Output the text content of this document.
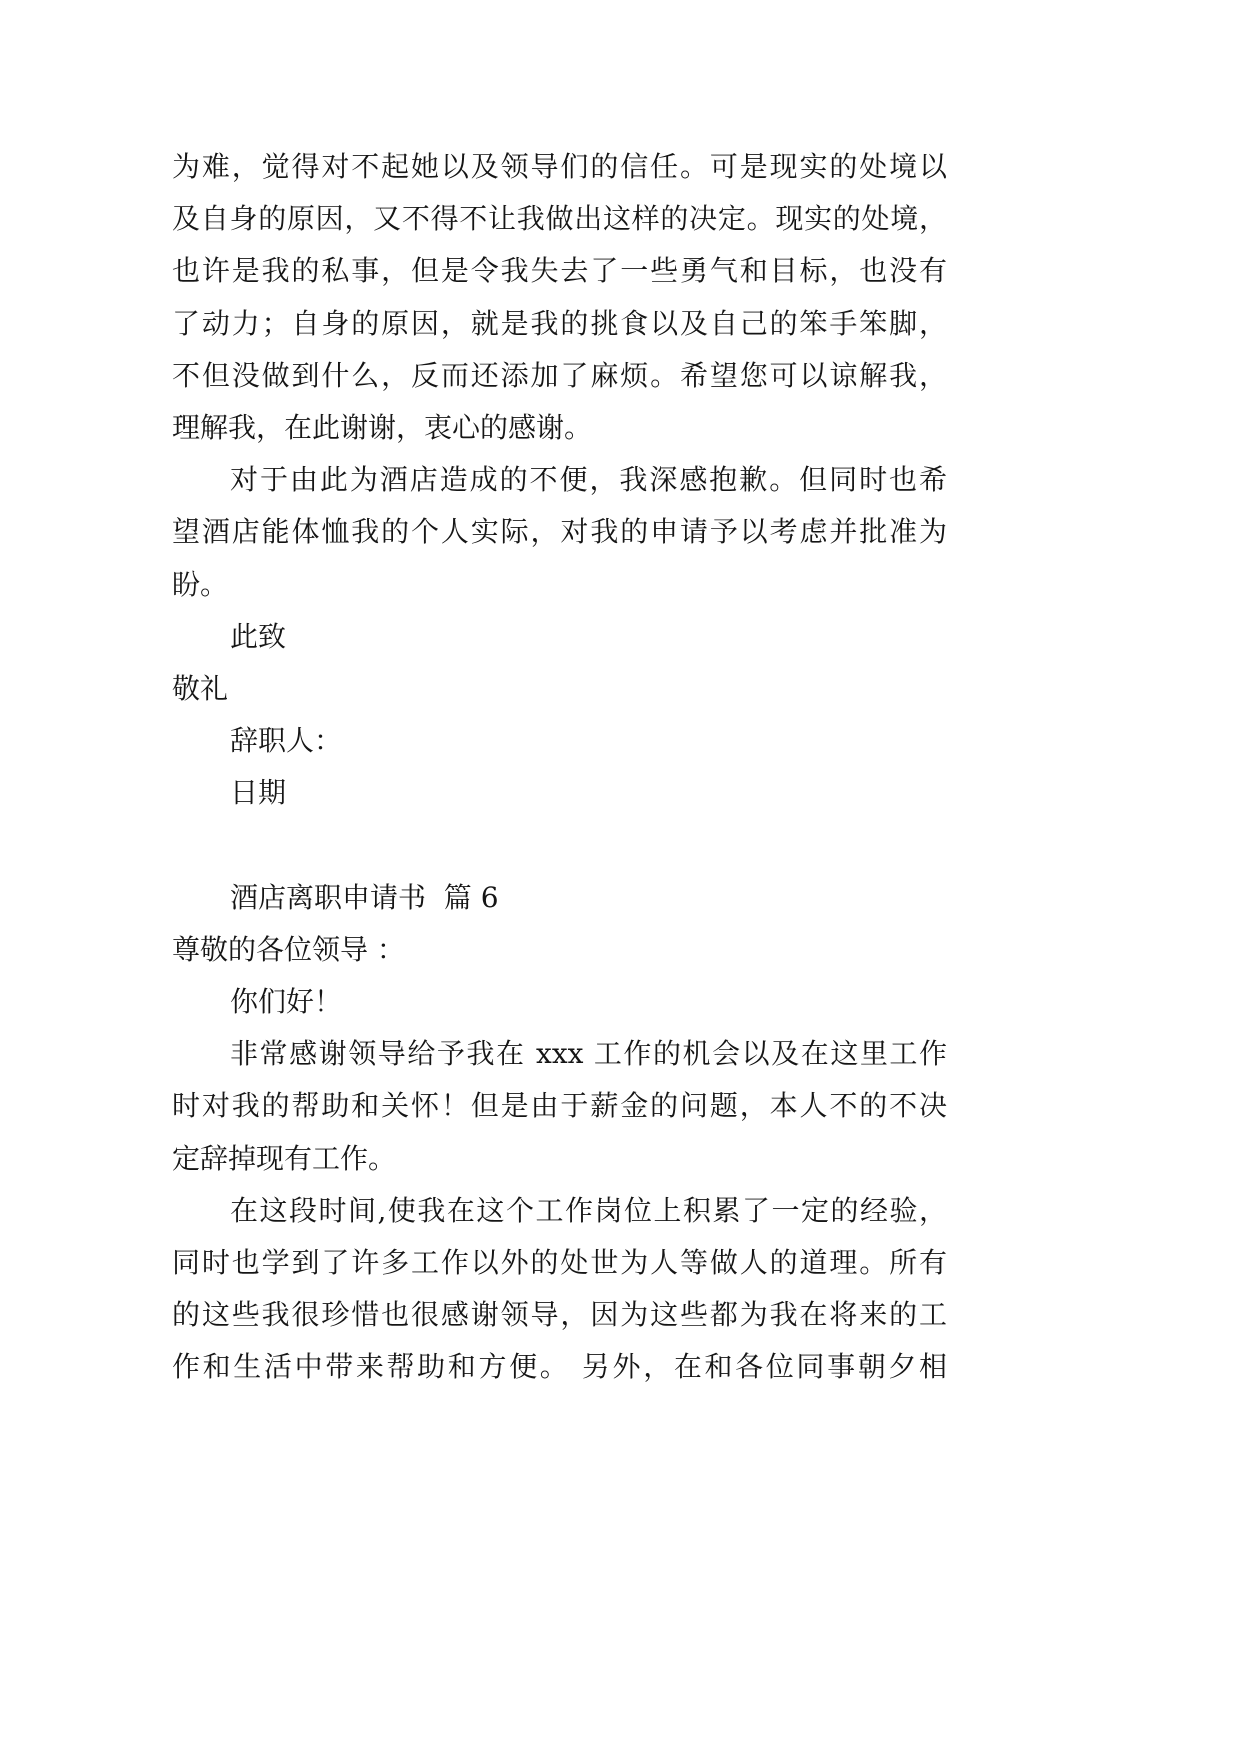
为难，觉得对不起她以及领导们的信任。可是现实的处境以
及自身的原因，又不得不让我做出这样的决定。现实的处境，
也许是我的私事，但是令我失去了一些勇气和目标，也没有
了动力；自身的原因，就是我的挑食以及自己的笨手笨脚，
不但没做到什么，反而还添加了麻烦。希望您可以谅解我，
理解我，在此谢谢，衷心的感谢。
对于由此为酒店造成的不便，我深感抱歉。但同时也希
望酒店能体恤我的个人实际，对我的申请予以考虑并批准为
盼。
此致
敬礼
辞职人：
日期
酒店离职申请书  篇 6
尊敬的各位领导 ：
你们好！
非常感谢领导给予我在 xxx 工作的机会以及在这里工作
时对我的帮助和关怀！但是由于薪金的问题，本人不的不决
定辞掉现有工作。
在这段时间,使我在这个工作岗位上积累了一定的经验，
同时也学到了许多工作以外的处世为人等做人的道理。所有
的这些我很珍惜也很感谢领导，因为这些都为我在将来的工
作和生活中带来帮助和方便。 另外，在和各位同事朝夕相
